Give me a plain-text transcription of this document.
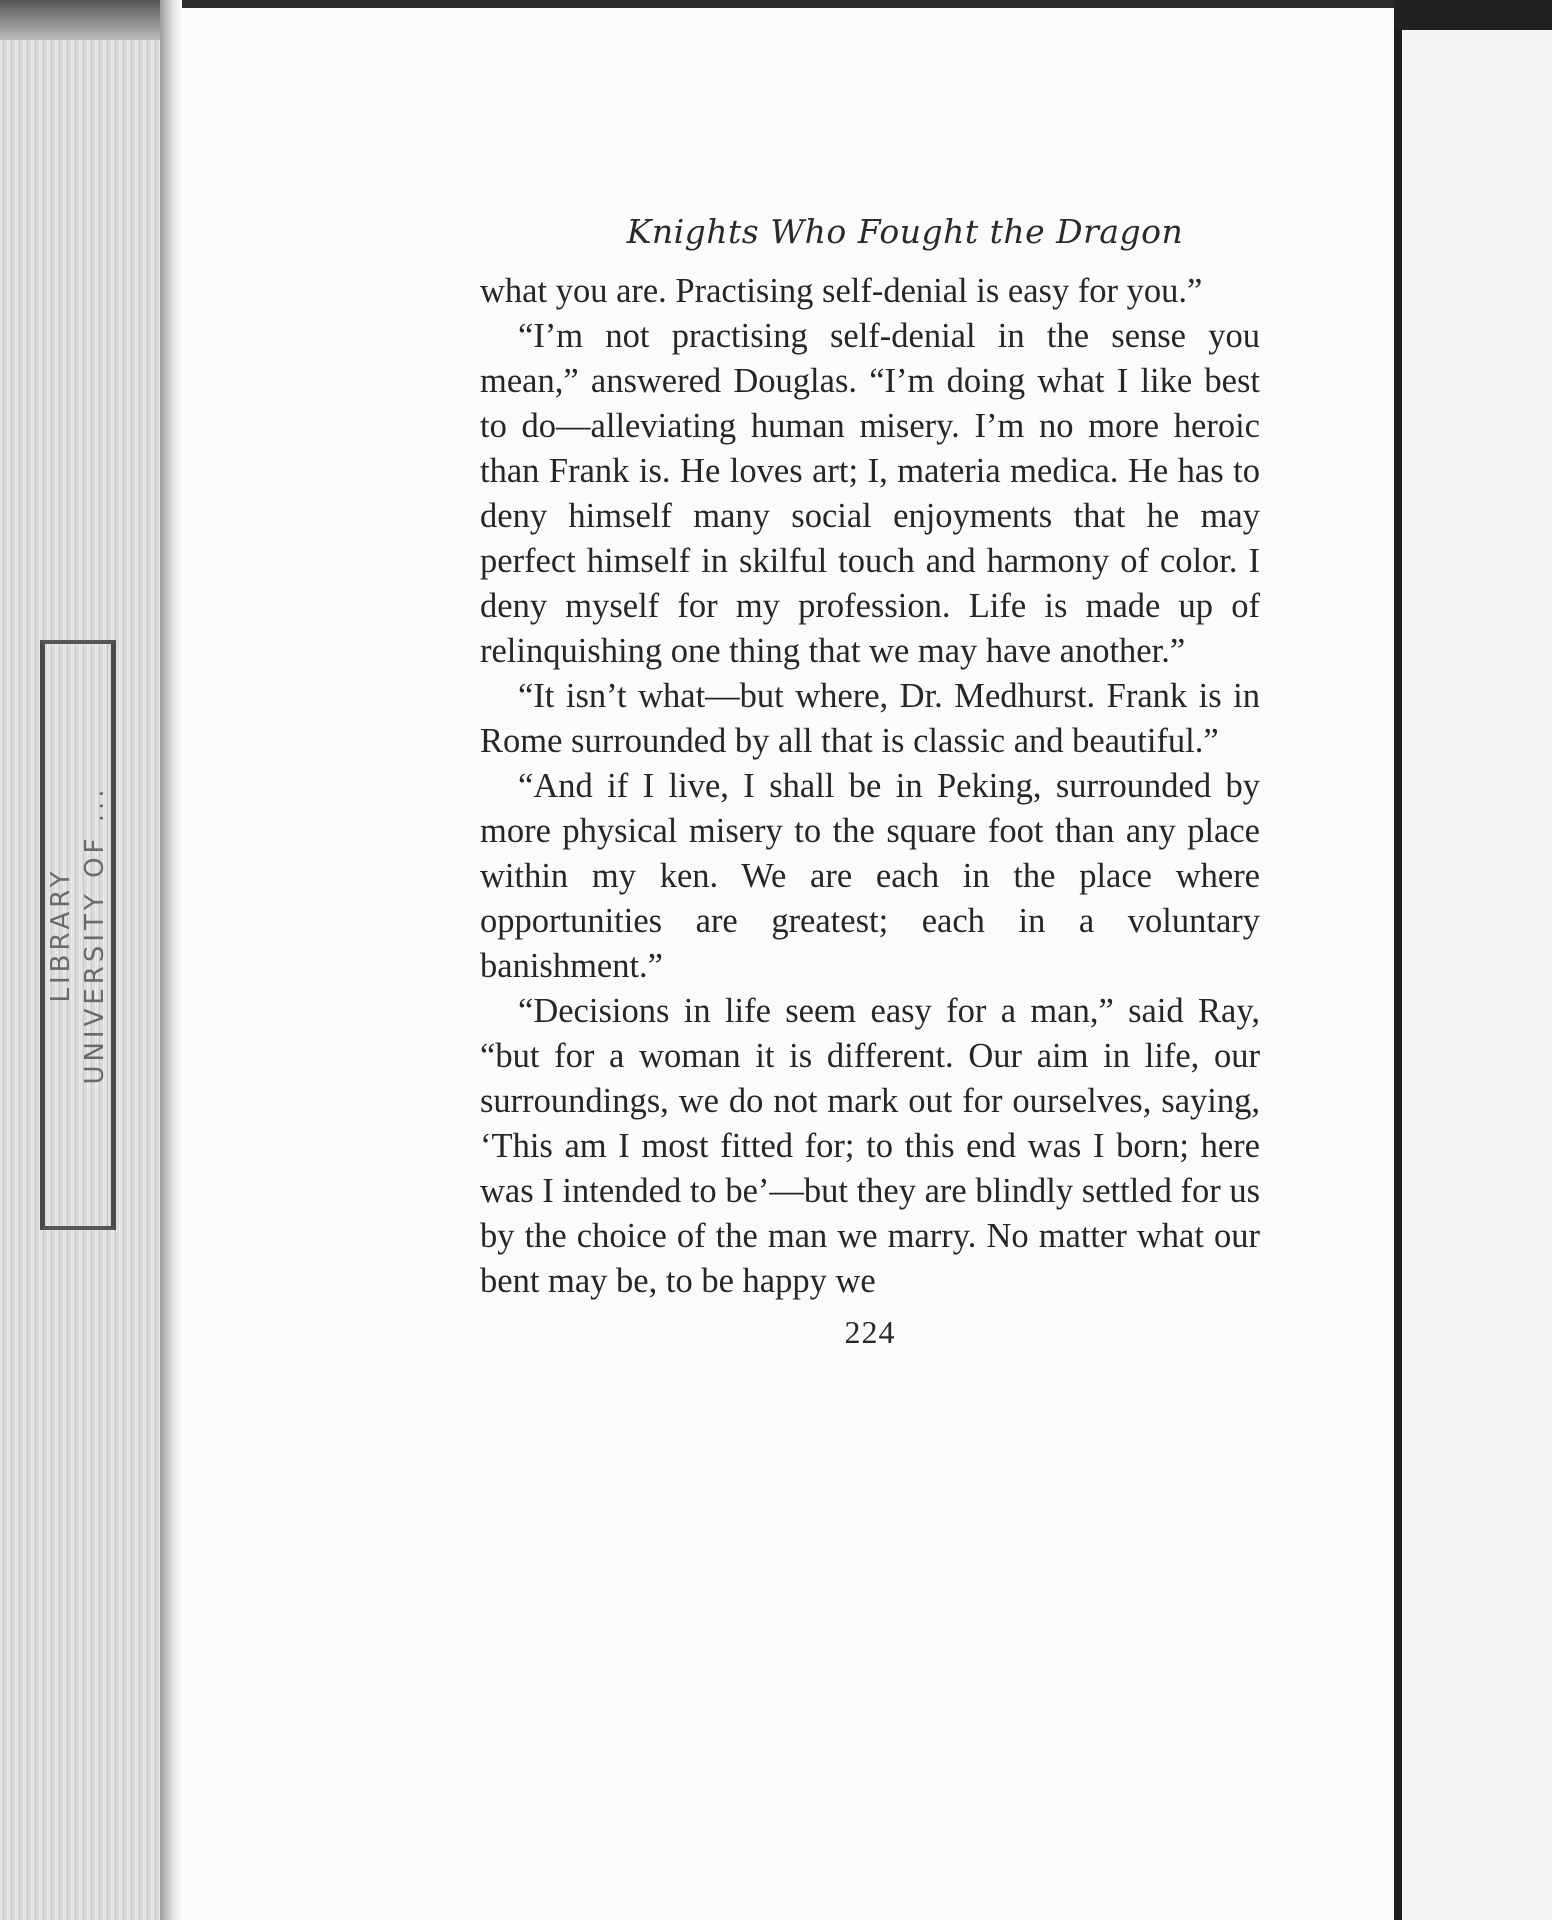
LIBRARY UNIVERSITY OF ...
Knights Who Fought the Dragon

what you are. Practising self-denial is easy for you.”

“I’m not practising self-denial in the sense you mean,” answered Douglas. “I’m doing what I like best to do—alleviating human misery. I’m no more heroic than Frank is. He loves art; I, materia medica. He has to deny himself many social enjoyments that he may perfect himself in skilful touch and harmony of color. I deny myself for my profession. Life is made up of relinquishing one thing that we may have another.”

“It isn’t what—but where, Dr. Medhurst. Frank is in Rome surrounded by all that is classic and beautiful.”

“And if I live, I shall be in Peking, surrounded by more physical misery to the square foot than any place within my ken. We are each in the place where opportunities are greatest; each in a voluntary banishment.”

“Decisions in life seem easy for a man,” said Ray, “but for a woman it is different. Our aim in life, our surroundings, we do not mark out for ourselves, saying, ‘This am I most fitted for; to this end was I born; here was I intended to be’—but they are blindly settled for us by the choice of the man we marry. No matter what our bent may be, to be happy we

224
